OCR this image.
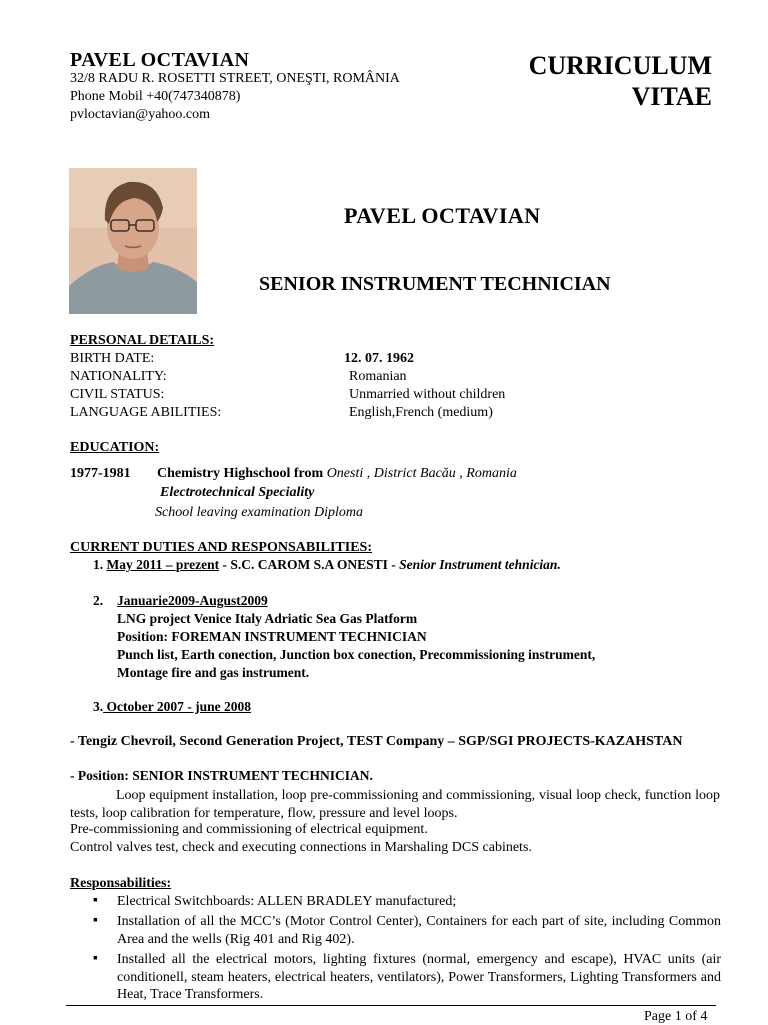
PAVEL OCTAVIAN
32/8 RADU R. ROSETTI STREET, ONEŞTI, ROMÂNIA
Phone Mobil +40(747340878)
pvloctavian@yahoo.com
CURRICULUM VITAE
PAVEL OCTAVIAN
SENIOR INSTRUMENT TECHNICIAN
PERSONAL DETAILS:
BIRTH DATE:	12. 07. 1962
NATIONALITY:	Romanian
CIVIL STATUS:	Unmarried without children
LANGUAGE ABILITIES:	English,French (medium)
EDUCATION:
1977-1981 Chemistry Highschool from Onesti , District Bacău , Romania
Electrotechnical Speciality
School leaving examination Diploma
CURRENT DUTIES AND RESPONSABILITIES:
1. May 2011 – prezent - S.C. CAROM S.A ONESTI - Senior Instrument tehnician.
2. Januarie2009-August2009
LNG project Venice Italy Adriatic Sea Gas Platform
Position: FOREMAN INSTRUMENT TECHNICIAN
Punch list, Earth conection, Junction box conection, Precommissioning instrument,
Montage fire and gas instrument.
3. October 2007 - june 2008
- Tengiz Chevroil, Second Generation Project, TEST Company – SGP/SGI PROJECTS-KAZAHSTAN
- Position: SENIOR INSTRUMENT TECHNICIAN.
Loop equipment installation, loop pre-commissioning and commissioning, visual loop check, function loop tests, loop calibration for temperature, flow, pressure and level loops.
Pre-commissioning and commissioning of electrical equipment.
Control valves test, check and executing connections in Marshaling DCS cabinets.
Responsabilities:
▪ Electrical Switchboards: ALLEN BRADLEY manufactured;
▪ Installation of all the MCC’s (Motor Control Center), Containers for each part of site, including Common Area and the wells (Rig 401 and Rig 402).
▪ Installed all the electrical motors, lighting fixtures (normal, emergency and escape), HVAC units (air conditionell, steam heaters, electrical heaters, ventilators), Power Transformers, Lighting Transformers and Heat, Trace Transformers.
Page 1 of 4
